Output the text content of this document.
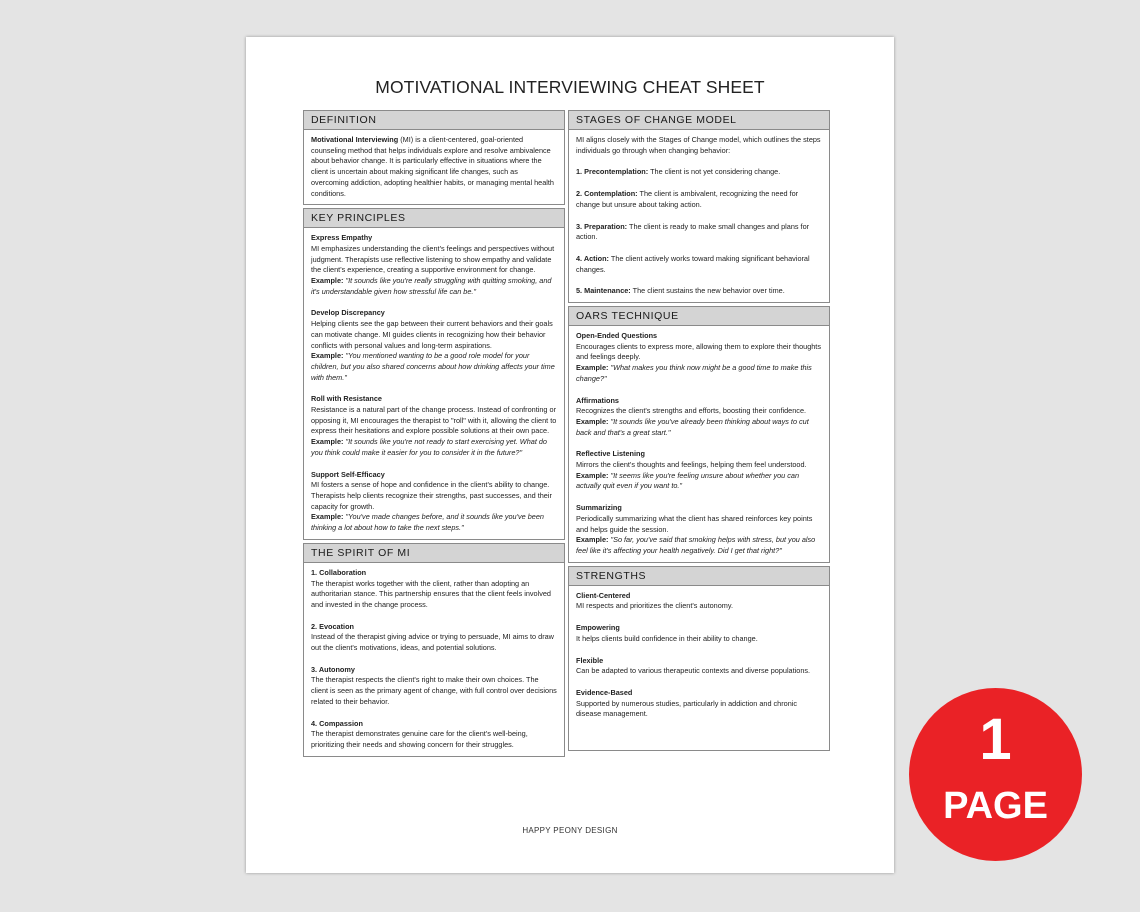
MOTIVATIONAL INTERVIEWING CHEAT SHEET
DEFINITION

Motivational Interviewing (MI) is a client-centered, goal-oriented counseling method that helps individuals explore and resolve ambivalence about behavior change. It is particularly effective in situations where the client is uncertain about making significant life changes, such as overcoming addiction, adopting healthier habits, or managing mental health conditions.

KEY PRINCIPLES
Express Empathy

MI emphasizes understanding the client's feelings and perspectives without judgment. Therapists use reflective listening to show empathy and validate the client's experience, creating a supportive environment for change.

Example: "It sounds like you're really struggling with quitting smoking, and it's understandable given how stressful life can be."

Develop Discrepancy

Helping clients see the gap between their current behaviors and their goals can motivate change. MI guides clients in recognizing how their behavior conflicts with personal values and long-term aspirations.

Example: "You mentioned wanting to be a good role model for your children, but you also shared concerns about how drinking affects your time with them."

Roll with Resistance

Resistance is a natural part of the change process. Instead of confronting or opposing it, MI encourages the therapist to "roll" with it, allowing the client to express their hesitations and explore possible solutions at their own pace.

Example: "It sounds like you're not ready to start exercising yet. What do you think could make it easier for you to consider it in the future?"

Support Self-Efficacy

MI fosters a sense of hope and confidence in the client's ability to change. Therapists help clients recognize their strengths, past successes, and their capacity for growth.

Example: "You've made changes before, and it sounds like you've been thinking a lot about how to take the next steps."

THE SPIRIT OF MI
1. Collaboration

The therapist works together with the client, rather than adopting an authoritarian stance. This partnership ensures that the client feels involved and invested in the change process.

2. Evocation

Instead of the therapist giving advice or trying to persuade, MI aims to draw out the client's motivations, ideas, and potential solutions.

3. Autonomy

The therapist respects the client's right to make their own choices. The client is seen as the primary agent of change, with full control over decisions related to their behavior.

4. Compassion

The therapist demonstrates genuine care for the client's well-being, prioritizing their needs and showing concern for their struggles.

STAGES OF CHANGE MODEL

MI aligns closely with the Stages of Change model, which outlines the steps individuals go through when changing behavior:

1. Precontemplation: The client is not yet considering change.

2. Contemplation: The client is ambivalent, recognizing the need for change but unsure about taking action.

3. Preparation: The client is ready to make small changes and plans for action.

4. Action: The client actively works toward making significant behavioral changes.

5. Maintenance: The client sustains the new behavior over time.

OARS TECHNIQUE
Open-Ended Questions

Encourages clients to express more, allowing them to explore their thoughts and feelings deeply.

Example: "What makes you think now might be a good time to make this change?"

Affirmations

Recognizes the client's strengths and efforts, boosting their confidence.

Example: "It sounds like you've already been thinking about ways to cut back and that's a great start."

Reflective Listening

Mirrors the client's thoughts and feelings, helping them feel understood.

Example: "It seems like you're feeling unsure about whether you can actually quit even if you want to."

Summarizing

Periodically summarizing what the client has shared reinforces key points and helps guide the session.

Example: "So far, you've said that smoking helps with stress, but you also feel like it's affecting your health negatively. Did I get that right?"

STRENGTHS
Client-Centered

MI respects and prioritizes the client's autonomy.

Empowering

It helps clients build confidence in their ability to change.

Flexible

Can be adapted to various therapeutic contexts and diverse populations.

Evidence-Based

Supported by numerous studies, particularly in addiction and chronic disease management.

HAPPY PEONY DESIGN
1
PAGE
